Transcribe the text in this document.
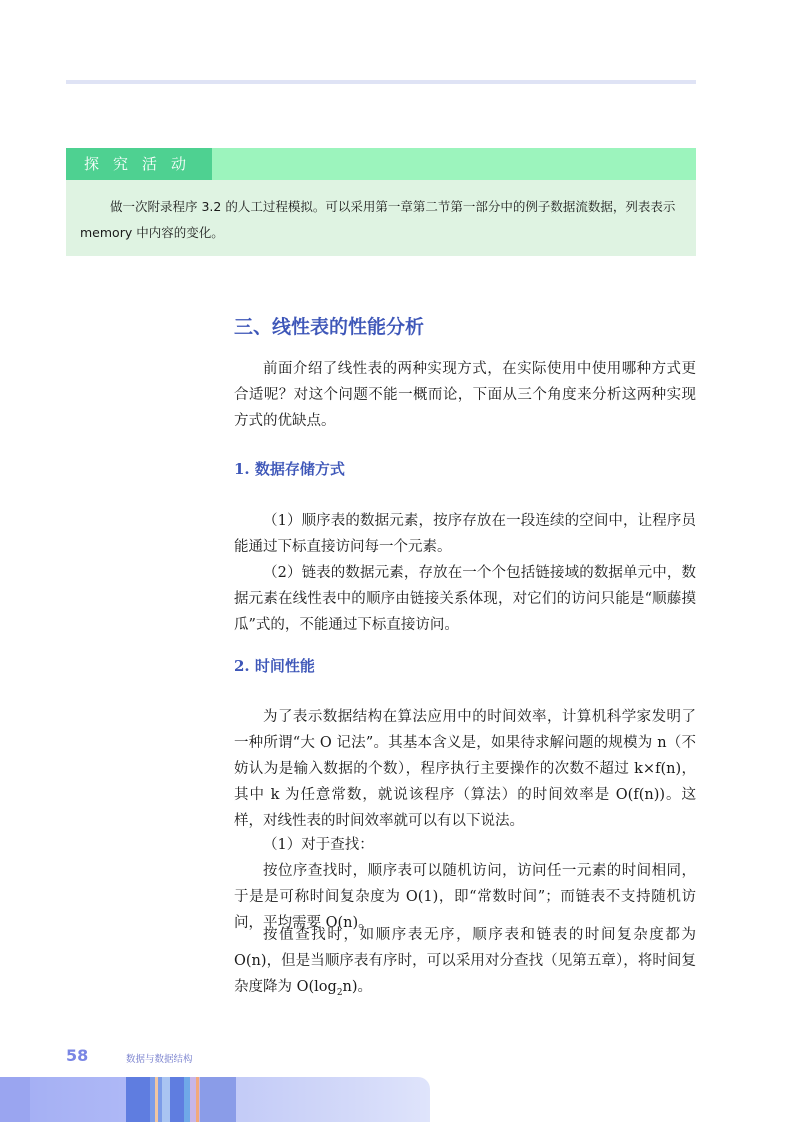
探究活动

做一次附录程序 3.2 的人工过程模拟。可以采用第一章第二节第一部分中的例子数据流数据，列表表示 memory 中内容的变化。

三、线性表的性能分析

前面介绍了线性表的两种实现方式，在实际使用中使用哪种方式更合适呢？对这个问题不能一概而论，下面从三个角度来分析这两种实现方式的优缺点。

1. 数据存储方式

（1）顺序表的数据元素，按序存放在一段连续的空间中，让程序员能通过下标直接访问每一个元素。

（2）链表的数据元素，存放在一个个包括链接域的数据单元中，数据元素在线性表中的顺序由链接关系体现，对它们的访问只能是“顺藤摸瓜”式的，不能通过下标直接访问。

2. 时间性能

为了表示数据结构在算法应用中的时间效率，计算机科学家发明了一种所谓“大 O 记法”。其基本含义是，如果待求解问题的规模为 n（不妨认为是输入数据的个数），程序执行主要操作的次数不超过 k×f(n)，其中 k 为任意常数，就说该程序（算法）的时间效率是 O(f(n))。这样，对线性表的时间效率就可以有以下说法。

（1）对于查找：

按位序查找时，顺序表可以随机访问，访问任一元素的时间相同，于是是可称时间复杂度为 O(1)，即“常数时间”；而链表不支持随机访问，平均需要 O(n)。

按值查找时，如顺序表无序，顺序表和链表的时间复杂度都为 O(n)，但是当顺序表有序时，可以采用对分查找（见第五章），将时间复杂度降为 $O(\log_2n)$。

58	数据与数据结构
